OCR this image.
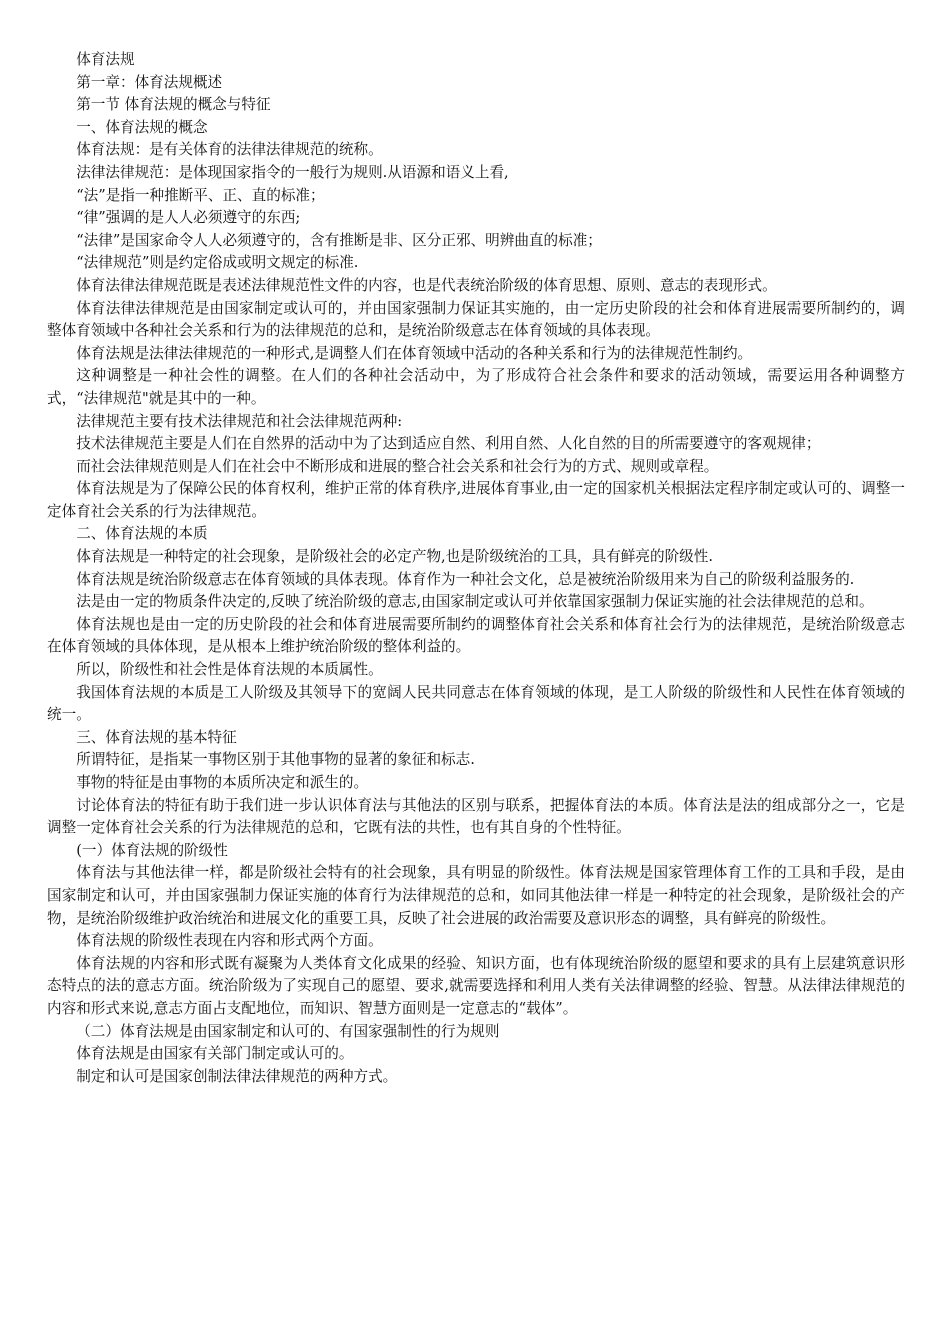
体育法规

第一章：体育法规概述

第一节 体育法规的概念与特征

一、体育法规的概念

体育法规：是有关体育的法律法律规范的统称。

法律法律规范：是体现国家指令的一般行为规则.从语源和语义上看,

“法”是指一种推断平、正、直的标准；

“律”强调的是人人必须遵守的东西;

“法律”是国家命令人人必须遵守的，含有推断是非、区分正邪、明辨曲直的标准；

“法律规范”则是约定俗成或明文规定的标准.

体育法律法律规范既是表述法律规范性文件的内容，也是代表统治阶级的体育思想、原则、意志的表现形式。

体育法律法律规范是由国家制定或认可的，并由国家强制力保证其实施的，由一定历史阶段的社会和体育进展需要所制约的，调整体育领域中各种社会关系和行为的法律规范的总和，是统治阶级意志在体育领域的具体表现。

体育法规是法律法律规范的一种形式,是调整人们在体育领域中活动的各种关系和行为的法律规范性制约。

这种调整是一种社会性的调整。在人们的各种社会活动中，为了形成符合社会条件和要求的活动领域，需要运用各种调整方式，“法律规范"就是其中的一种。

法律规范主要有技术法律规范和社会法律规范两种:

技术法律规范主要是人们在自然界的活动中为了达到适应自然、利用自然、人化自然的目的所需要遵守的客观规律；

而社会法律规范则是人们在社会中不断形成和进展的整合社会关系和社会行为的方式、规则或章程。

体育法规是为了保障公民的体育权利，维护正常的体育秩序,进展体育事业,由一定的国家机关根据法定程序制定或认可的、调整一定体育社会关系的行为法律规范。

二、体育法规的本质

体育法规是一种特定的社会现象，是阶级社会的必定产物,也是阶级统治的工具，具有鲜亮的阶级性.

体育法规是统治阶级意志在体育领域的具体表现。体育作为一种社会文化，总是被统治阶级用来为自己的阶级利益服务的.

法是由一定的物质条件决定的,反映了统治阶级的意志,由国家制定或认可并依靠国家强制力保证实施的社会法律规范的总和。

体育法规也是由一定的历史阶段的社会和体育进展需要所制约的调整体育社会关系和体育社会行为的法律规范，是统治阶级意志在体育领域的具体体现，是从根本上维护统治阶级的整体利益的。

所以，阶级性和社会性是体育法规的本质属性。

我国体育法规的本质是工人阶级及其领导下的宽阔人民共同意志在体育领域的体现，是工人阶级的阶级性和人民性在体育领域的统一。

三、体育法规的基本特征

所谓特征，是指某一事物区别于其他事物的显著的象征和标志.

事物的特征是由事物的本质所决定和派生的。

讨论体育法的特征有助于我们进一步认识体育法与其他法的区别与联系，把握体育法的本质。体育法是法的组成部分之一，它是调整一定体育社会关系的行为法律规范的总和，它既有法的共性，也有其自身的个性特征。

(一）体育法规的阶级性

体育法与其他法律一样，都是阶级社会特有的社会现象，具有明显的阶级性。体育法规是国家管理体育工作的工具和手段，是由国家制定和认可，并由国家强制力保证实施的体育行为法律规范的总和，如同其他法律一样是一种特定的社会现象，是阶级社会的产物，是统治阶级维护政治统治和进展文化的重要工具，反映了社会进展的政治需要及意识形态的调整，具有鲜亮的阶级性。

体育法规的阶级性表现在内容和形式两个方面。

体育法规的内容和形式既有凝聚为人类体育文化成果的经验、知识方面，也有体现统治阶级的愿望和要求的具有上层建筑意识形态特点的法的意志方面。统治阶级为了实现自己的愿望、要求,就需要选择和利用人类有关法律调整的经验、智慧。从法律法律规范的内容和形式来说,意志方面占支配地位，而知识、智慧方面则是一定意志的“载体”。

（二）体育法规是由国家制定和认可的、有国家强制性的行为规则

体育法规是由国家有关部门制定或认可的。

制定和认可是国家创制法律法律规范的两种方式。
